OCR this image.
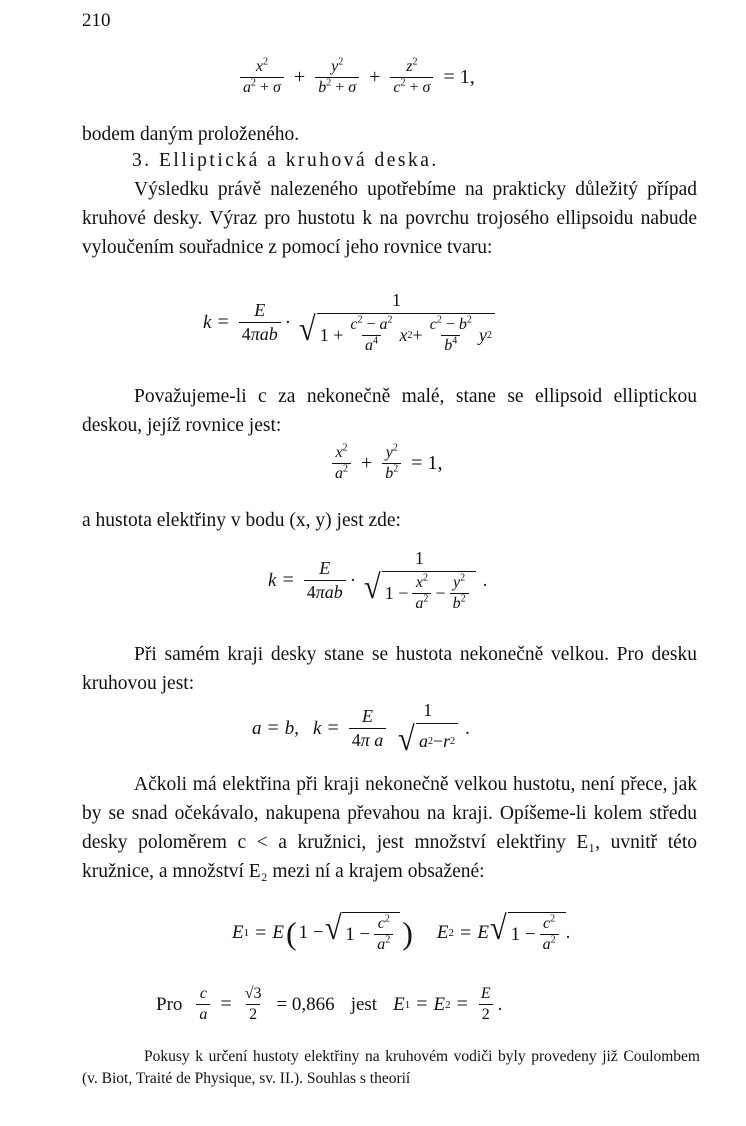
210
$\frac{x^2}{a^2 + \sigma} + \frac{y^2}{b^2 + \sigma} + \frac{z^2}{c^2 + \sigma} = 1$,
bodem daným proloženého.
3. Elliptická a kruhová deska.
Výsledku právě nalezeného upotřebíme na prakticky důležitý případ kruhové desky. Výraz pro hustotu k na povrchu trojosého ellipsoidu nabude vyloučením souřadnice z pomocí jeho rovnice tvaru:
$k = \frac{E}{\text{4πab}}$ ·
1
√ $1 + \frac{c^2 - a^2}{a^4}$ x $2 + \frac{c^2 - b^2}{b^4}$ y 2
Považujeme-li c za nekonečně malé, stane se ellipsoid elliptickou deskou, jejíž rovnice jest:
$\frac{x^2}{a^2} + \frac{y^2}{b^2} = 1$,
a hustota elektřiny v bodu (x, y) jest zde:
$k = \frac{E}{\text{4πab}}$ ·
1
√ $1 - \frac{x^2}{a^2} - \frac{y^2}{b^2}$ .
Při samém kraji desky stane se hustota nekonečně velkou. Pro desku kruhovou jest:
a = b , $k = \frac{E}{\text{4π a}} 1$
√ a 2 − r 2
.
Ačkoli má elektřina při kraji nekonečně velkou hustotu, není přece, jak by se snad očekávalo, nakupena převahou na kraji. Opíšeme-li kolem středu desky poloměrem c < a kružnici, jest množství elektřiny E₁, uvnitř této kružnice, a množství E₂ mezi ní a krajem obsažené:
E 1 = E ( 1 − √ $1 - \frac{c^2}{a^2}$ ) E 2 = E √ $1 - \frac{c^2}{a^2}$ .
Pro $\frac{c}{a} = \frac{√3}{2} = 0,866$ jest E 1 = E $2 = \frac{E}{2}$ .
Pokusy k určení hustoty elektřiny na kruhovém vodiči byly provedeny již Coulombem (v. Biot, Traité de Physique, sv. II.). Souhlas s theorií
